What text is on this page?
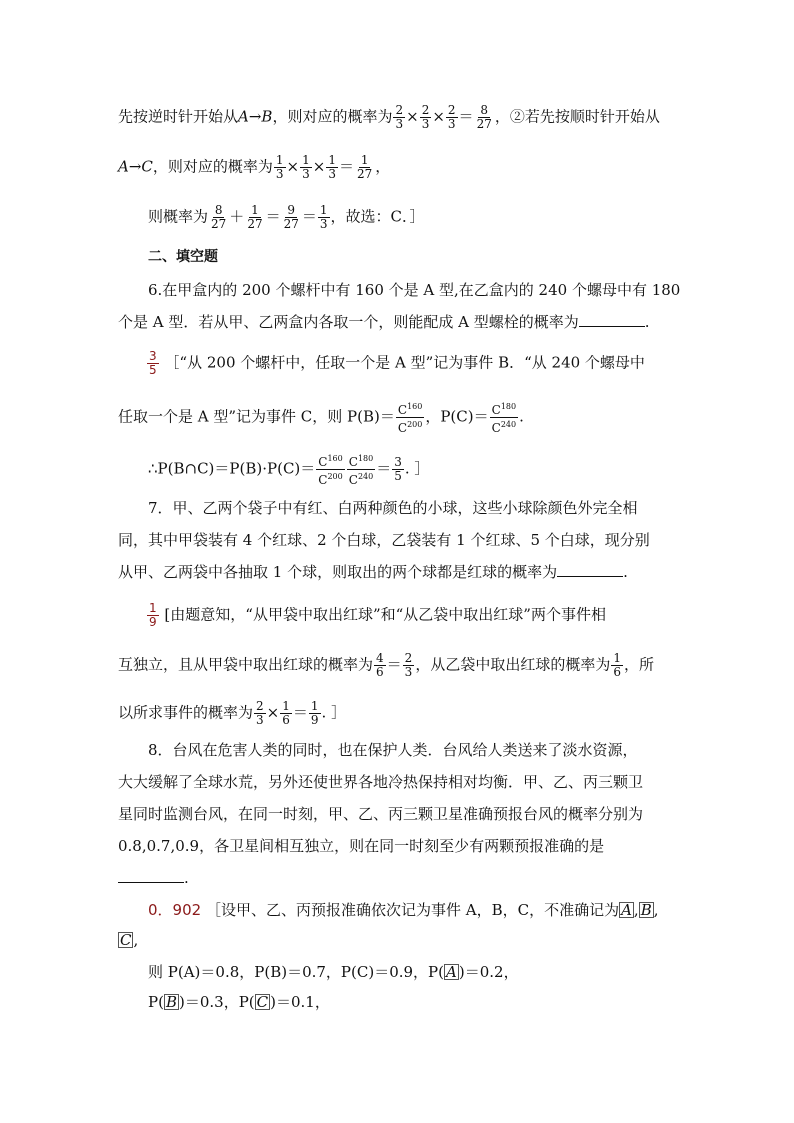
先按逆时针开始从A→B，则对应的概率为 $\frac{2}{3} \times \frac{2}{3} \times \frac{2}{3} = \frac{8}{27}$ ，②若先按顺时针开始从
A→C，则对应的概率为 $\frac{1}{3} \times \frac{1}{3} \times \frac{1}{3} = \frac{1}{27}$ ，
则概率为 $\frac{8}{27} + \frac{1}{27} = \frac{9}{27} = \frac{1}{3}$ ，故选：C．］
二、填空题
6.在甲盒内的 200 个螺杆中有 160 个是 A 型,在乙盒内的 240 个螺母中有 180
个是 A 型．若从甲、乙两盒内各取一个，则能配成 A 型螺栓的概率为	.
$\frac{3}{5}$ ［“从 200 个螺杆中，任取一个是 A 型”记为事件 B．“从 240 个螺母中
任取一个是 A 型”记为事件 C，则 $P(B)= \frac{C^{160}}{C^{200}}$ ，$P(C)= \frac{C^{180}}{C^{240}}$ .
∴P(B∩C)＝P(B)·P(C)＝ $\frac{C^{160}}{C^{200}} \frac{C^{180}}{C^{240}} = \frac{3}{5}$ . ］
7．甲、乙两个袋子中有红、白两种颜色的小球，这些小球除颜色外完全相
同，其中甲袋装有 4 个红球、2 个白球，乙袋装有 1 个红球、5 个白球，现分别
从甲、乙两袋中各抽取 1 个球，则取出的两个球都是红球的概率为	.
$\frac{1}{9}$ [由题意知，“从甲袋中取出红球”和“从乙袋中取出红球”两个事件相
互独立，且从甲袋中取出红球的概率为 $\frac{4}{6} = \frac{2}{3}$ ，从乙袋中取出红球的概率为 $\frac{1}{6}$ ，所
以所求事件的概率为 $\frac{2}{3} \times \frac{1}{6} = \frac{1}{9}$ . ］
8．台风在危害人类的同时，也在保护人类．台风给人类送来了淡水资源，
大大缓解了全球水荒，另外还使世界各地冷热保持相对均衡．甲、乙、丙三颗卫
星同时监测台风，在同一时刻，甲、乙、丙三颗卫星准确预报台风的概率分别为
0.8,0.7,0.9，各卫星间相互独立，则在同一时刻至少有两颗预报准确的是
.
0．902 ［设甲、乙、丙预报准确依次记为事件 A，B，C，不准确记为 A , B ,
C ,
则 P(A)＝0.8，P(B)＝0.7，P(C)＝0.9，P( A )＝0.2，
P( B )＝0.3，P( C )＝0.1，
